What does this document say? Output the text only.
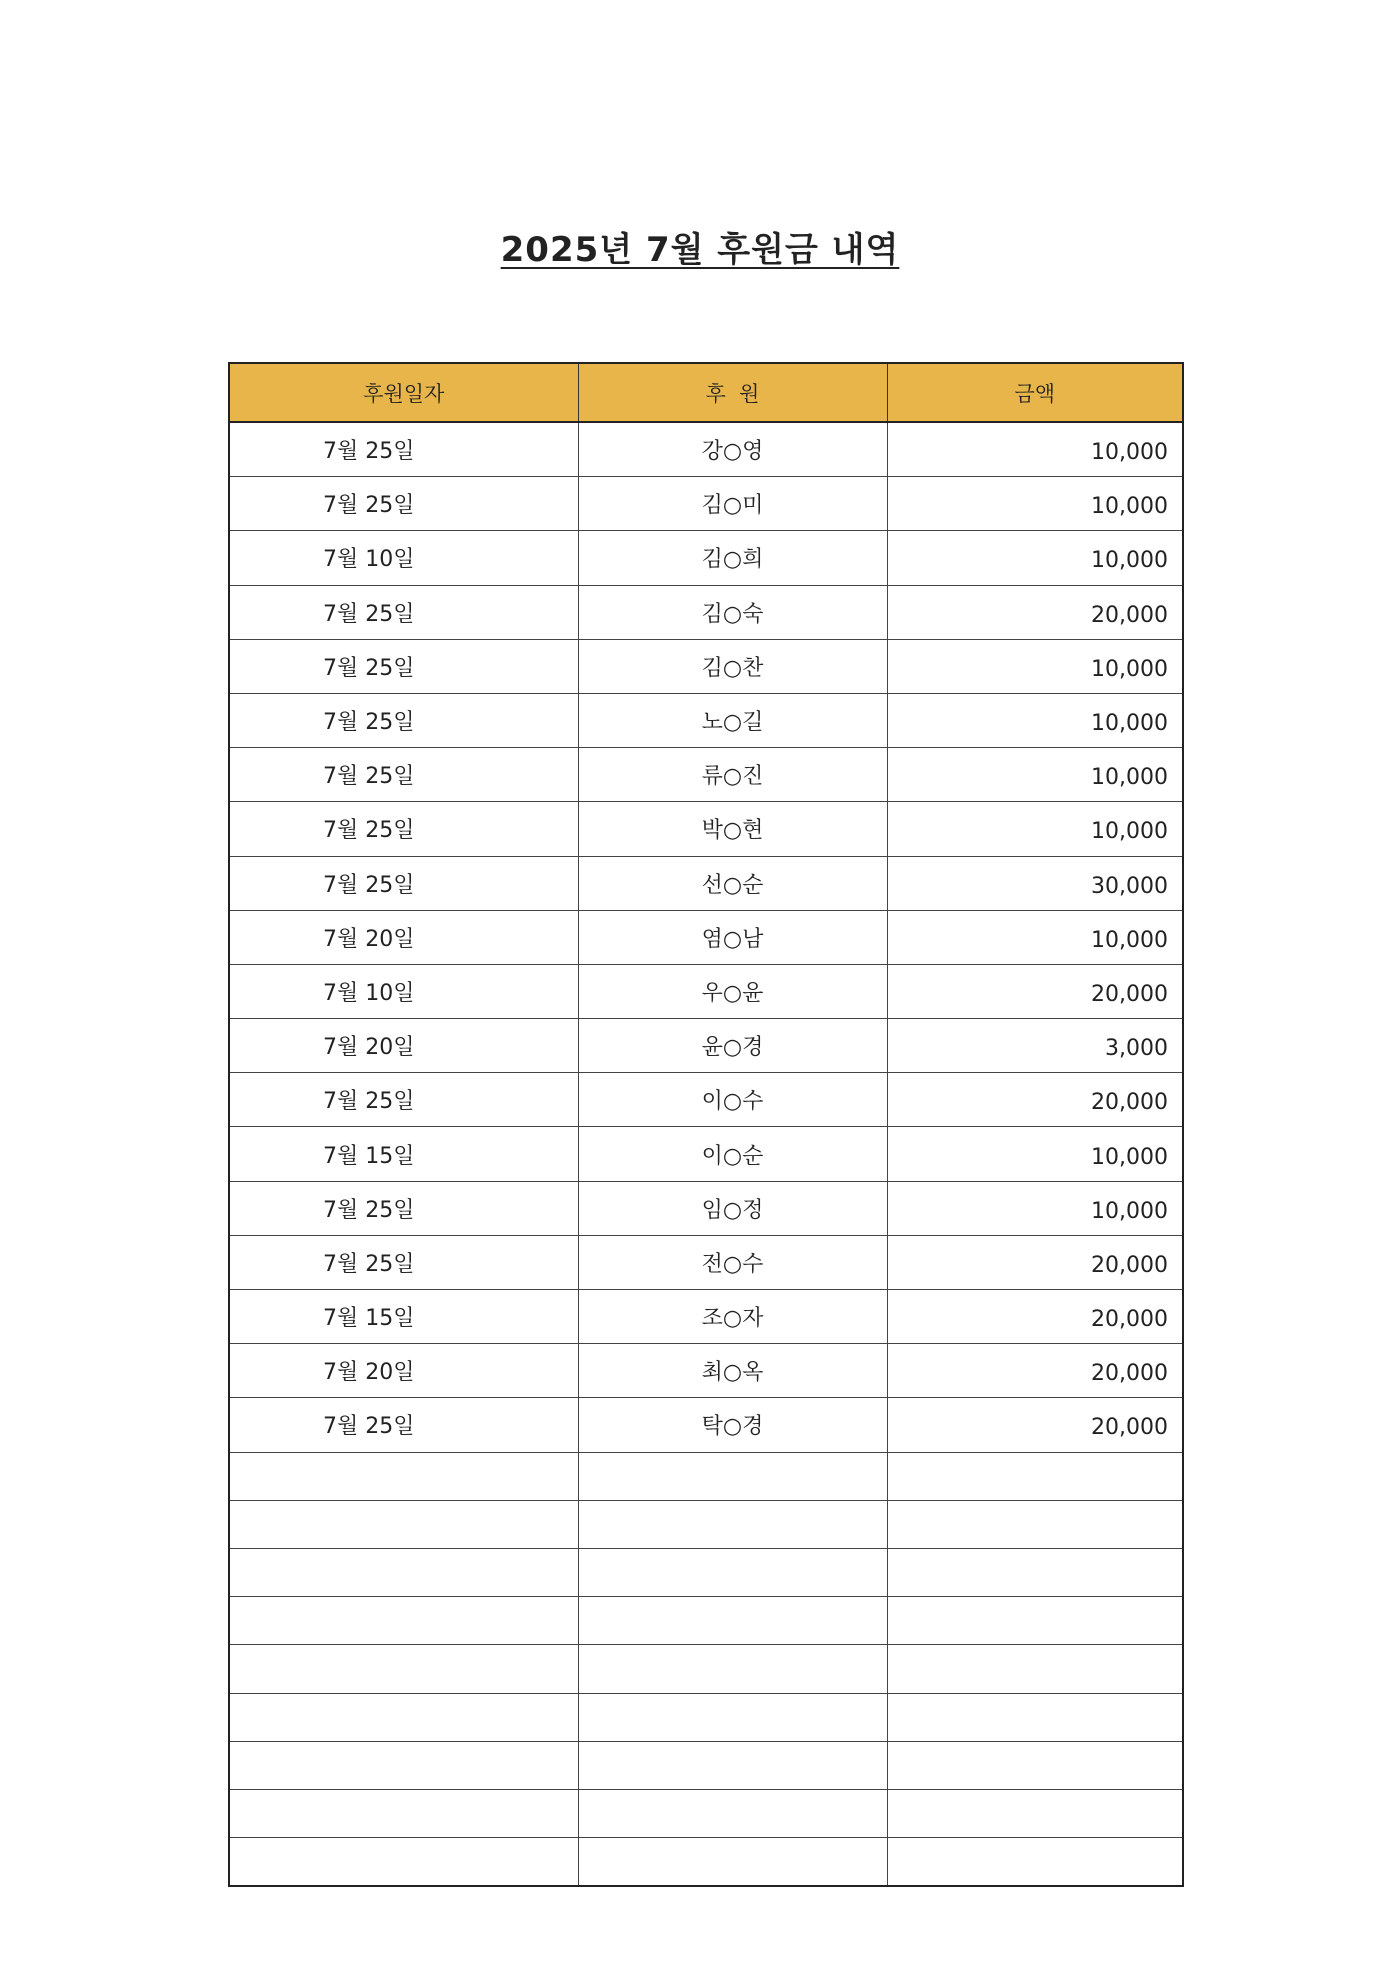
2025년 7월 후원금 내역
후원일자	후  원	금액
7월 25일	강○영	10,000
7월 25일	김○미	10,000
7월 10일	김○희	10,000
7월 25일	김○숙	20,000
7월 25일	김○찬	10,000
7월 25일	노○길	10,000
7월 25일	류○진	10,000
7월 25일	박○현	10,000
7월 25일	선○순	30,000
7월 20일	염○남	10,000
7월 10일	우○윤	20,000
7월 20일	윤○경	3,000
7월 25일	이○수	20,000
7월 15일	이○순	10,000
7월 25일	임○정	10,000
7월 25일	전○수	20,000
7월 15일	조○자	20,000
7월 20일	최○옥	20,000
7월 25일	탁○경	20,000
